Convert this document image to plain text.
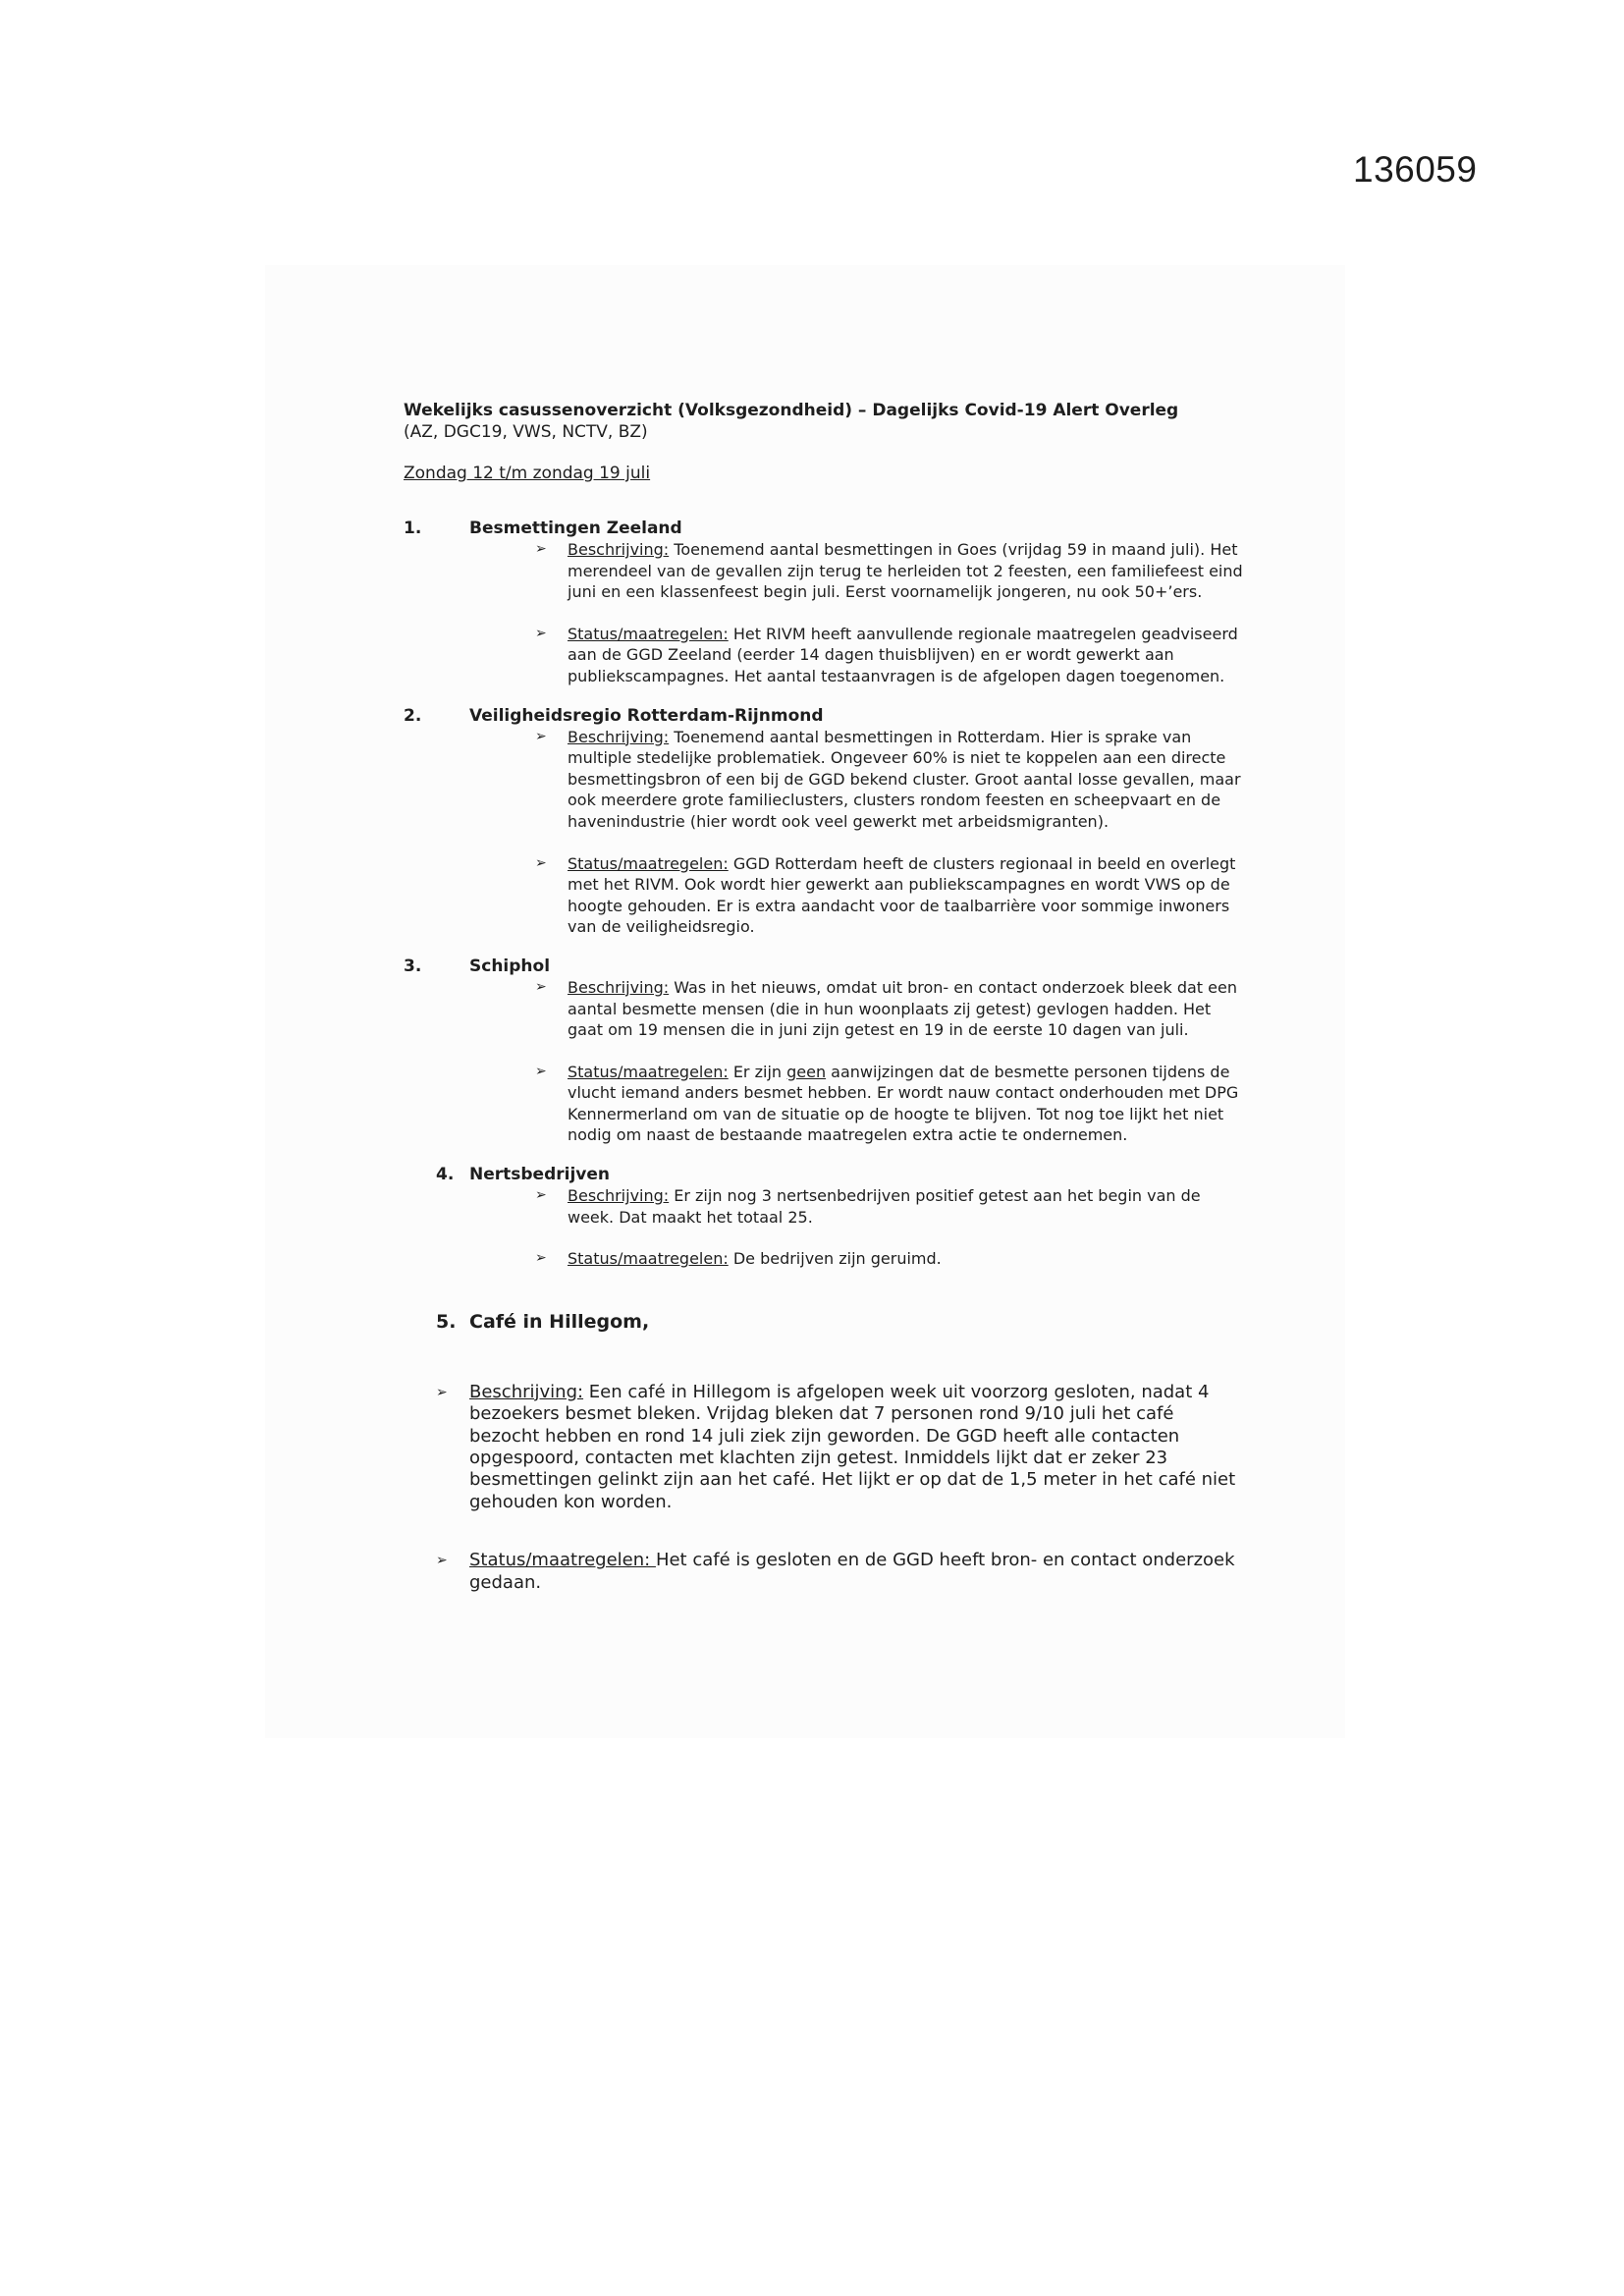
136059
Wekelijks casussenoverzicht (Volksgezondheid) – Dagelijks Covid-19 Alert Overleg
(AZ, DGC19, VWS, NCTV, BZ)
Zondag 12 t/m zondag 19 juli
1.	Besmettingen Zeeland
➢ Beschrijving: Toenemend aantal besmettingen in Goes (vrijdag 59 in maand juli). Het merendeel van de gevallen zijn terug te herleiden tot 2 feesten, een familiefeest eind juni en een klassenfeest begin juli. Eerst voornamelijk jongeren, nu ook 50+’ers.
➢ Status/maatregelen: Het RIVM heeft aanvullende regionale maatregelen geadviseerd aan de GGD Zeeland (eerder 14 dagen thuisblijven) en er wordt gewerkt aan publiekscampagnes. Het aantal testaanvragen is de afgelopen dagen toegenomen.
2.	Veiligheidsregio Rotterdam-Rijnmond
➢ Beschrijving: Toenemend aantal besmettingen in Rotterdam. Hier is sprake van multiple stedelijke problematiek. Ongeveer 60% is niet te koppelen aan een directe besmettingsbron of een bij de GGD bekend cluster. Groot aantal losse gevallen, maar ook meerdere grote familieclusters, clusters rondom feesten en scheepvaart en de havenindustrie (hier wordt ook veel gewerkt met arbeidsmigranten).
➢ Status/maatregelen: GGD Rotterdam heeft de clusters regionaal in beeld en overlegt met het RIVM. Ook wordt hier gewerkt aan publiekscampagnes en wordt VWS op de hoogte gehouden. Er is extra aandacht voor de taalbarrière voor sommige inwoners van de veiligheidsregio.
3.	Schiphol
➢ Beschrijving: Was in het nieuws, omdat uit bron- en contact onderzoek bleek dat een aantal besmette mensen (die in hun woonplaats zij getest) gevlogen hadden. Het gaat om 19 mensen die in juni zijn getest en 19 in de eerste 10 dagen van juli.
➢ Status/maatregelen: Er zijn geen aanwijzingen dat de besmette personen tijdens de vlucht iemand anders besmet hebben. Er wordt nauw contact onderhouden met DPG Kennermerland om van de situatie op de hoogte te blijven. Tot nog toe lijkt het niet nodig om naast de bestaande maatregelen extra actie te ondernemen.
4. Nertsbedrijven
➢ Beschrijving: Er zijn nog 3 nertsenbedrijven positief getest aan het begin van de week. Dat maakt het totaal 25.
➢ Status/maatregelen: De bedrijven zijn geruimd.
5. Café in Hillegom,
➢ Beschrijving: Een café in Hillegom is afgelopen week uit voorzorg gesloten, nadat 4 bezoekers besmet bleken. Vrijdag bleken dat 7 personen rond 9/10 juli het café bezocht hebben en rond 14 juli ziek zijn geworden. De GGD heeft alle contacten opgespoord, contacten met klachten zijn getest. Inmiddels lijkt dat er zeker 23 besmettingen gelinkt zijn aan het café. Het lijkt er op dat de 1,5 meter in het café niet gehouden kon worden.
➢ Status/maatregelen: Het café is gesloten en de GGD heeft bron- en contact onderzoek gedaan.
